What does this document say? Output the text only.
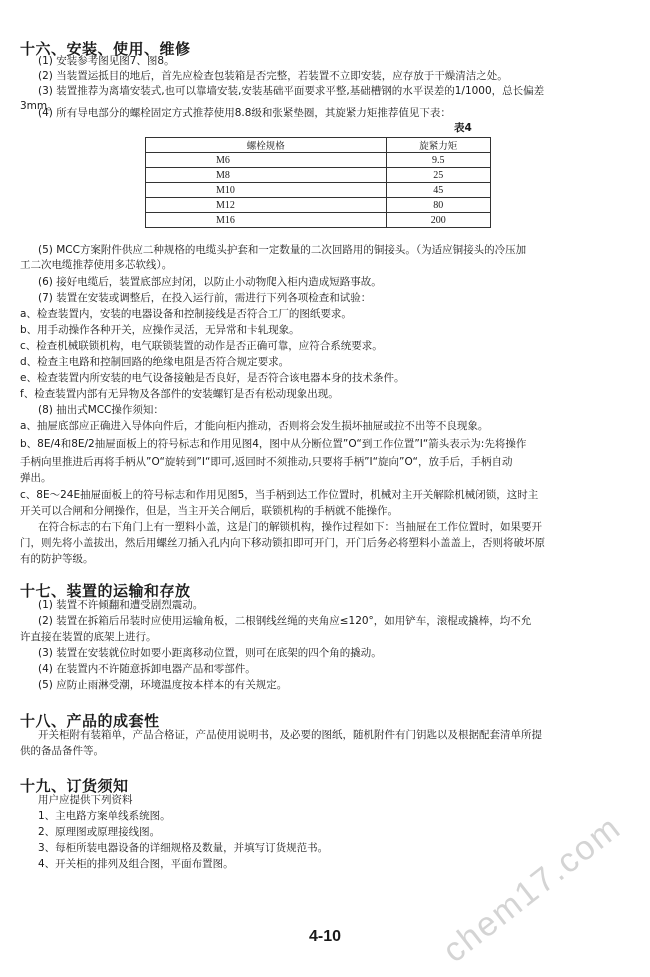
十六、安装、使用、维修
(1) 安装参考图见图7、图8。
(2) 当装置运抵目的地后，首先应检查包装箱是否完整，若装置不立即安装，应存放于干燥清洁之处。
(3) 装置推荐为离墙安装式,也可以靠墙安装,安装基础平面要求平整,基础槽钢的水平误差的1/1000，总长偏差
3mm。
(4) 所有导电部分的螺栓固定方式推荐使用8.8级和张紧垫圈，其旋紧力矩推荐值见下表：
表4
螺栓规格	旋紧力矩
M6	9.5
M8	25
M10	45
M12	80
M16	200
(5) MCC方案附件供应二种规格的电缆头护套和一定数量的二次回路用的铜接头。（为适应铜接头的冷压加
工二次电缆推荐使用多芯软线）。
(6) 接好电缆后，装置底部应封闭，以防止小动物爬入柜内造成短路事故。
(7) 装置在安装或调整后，在投入运行前，需进行下列各项检查和试验：
a、检查装置内，安装的电器设备和控制接线是否符合工厂的图纸要求。
b、用手动操作各种开关，应操作灵活，无异常和卡轧现象。
c、检查机械联锁机构，电气联锁装置的动作是否正确可靠，应符合系统要求。
d、检查主电路和控制回路的绝缘电阻是否符合规定要求。
e、检查装置内所安装的电气设备接触是否良好，是否符合该电器本身的技术条件。
f、检查装置内部有无异物及各部件的安装螺钉是否有松动现象出现。
(8) 抽出式MCC操作须知：
a、抽屉底部应正确进入导体向件后，才能向柜内推动，否则将会发生损坏抽屉或拉不出等不良现象。
b、8E/4和8E/2抽屉面板上的符号标志和作用见图4，图中从分断位置”O“到工作位置”I“箭头表示为:先将操作
手柄向里推进后再将手柄从”O“旋转到”I“即可,返回时不须推动,只要将手柄”I“旋向”O“，放手后，手柄自动
弹出。
c、8E～24E抽屉面板上的符号标志和作用见图5，当手柄到达工作位置时，机械对主开关解除机械闭锁，这时主
开关可以合闸和分闸操作，但是，当主开关合闸后，联锁机构的手柄就不能操作。
在符合标志的右下角门上有一塑料小盖，这是门的解锁机构，操作过程如下：当抽屉在工作位置时，如果要开
门，则先将小盖拔出，然后用螺丝刀插入孔内向下移动锁扣即可开门，开门后务必将塑料小盖盖上，否则将破坏原
有的防护等级。
十七、装置的运输和存放
(1) 装置不许倾翻和遭受剧烈震动。
(2) 装置在拆箱后吊装时应使用运输角板，二根钢线丝绳的夹角应≤120°，如用铲车，滚棍或撬棒，均不允
许直接在装置的底架上进行。
(3) 装置在安装就位时如要小距离移动位置，则可在底架的四个角的撬动。
(4) 在装置内不许随意拆卸电器产品和零部件。
(5) 应防止雨淋受潮，环境温度按本样本的有关规定。
十八、产品的成套性
开关柜附有装箱单，产品合格证，产品使用说明书，及必要的图纸，随机附件有门钥匙以及根据配套清单所提
供的备品备件等。
十九、订货须知
用户应提供下列资料
1、主电路方案单线系统图。
2、原理图或原理接线图。
3、每柜所装电器设备的详细规格及数量，并填写订货规范书。
4、开关柜的排列及组合图，平面布置图。	chem17.com
4-10
